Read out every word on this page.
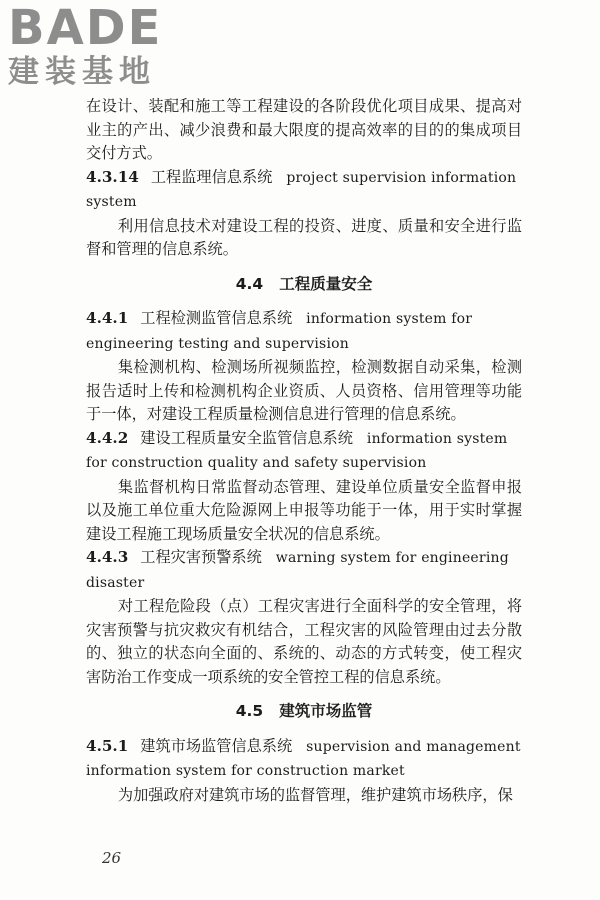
BADE
建装基地

在设计、装配和施工等工程建设的各阶段优化项目成果、提高对业主的产出、减少浪费和最大限度的提高效率的目的的集成项目交付方式。

4.3.14 工程监理信息系统 project supervision information system

利用信息技术对建设工程的投资、进度、质量和安全进行监督和管理的信息系统。

4.4 工程质量安全

4.4.1 工程检测监管信息系统 information system for engineering testing and supervision

集检测机构、检测场所视频监控，检测数据自动采集，检测报告适时上传和检测机构企业资质、人员资格、信用管理等功能于一体，对建设工程质量检测信息进行管理的信息系统。

4.4.2 建设工程质量安全监管信息系统 information system for construction quality and safety supervision

集监督机构日常监督动态管理、建设单位质量安全监督申报以及施工单位重大危险源网上申报等功能于一体，用于实时掌握建设工程施工现场质量安全状况的信息系统。

4.4.3 工程灾害预警系统 warning system for engineering disaster

对工程危险段（点）工程灾害进行全面科学的安全管理，将灾害预警与抗灾救灾有机结合，工程灾害的风险管理由过去分散的、独立的状态向全面的、系统的、动态的方式转变，使工程灾害防治工作变成一项系统的安全管控工程的信息系统。

4.5 建筑市场监管

4.5.1 建筑市场监管信息系统 supervision and management information system for construction market

为加强政府对建筑市场的监督管理，维护建筑市场秩序，保

26
